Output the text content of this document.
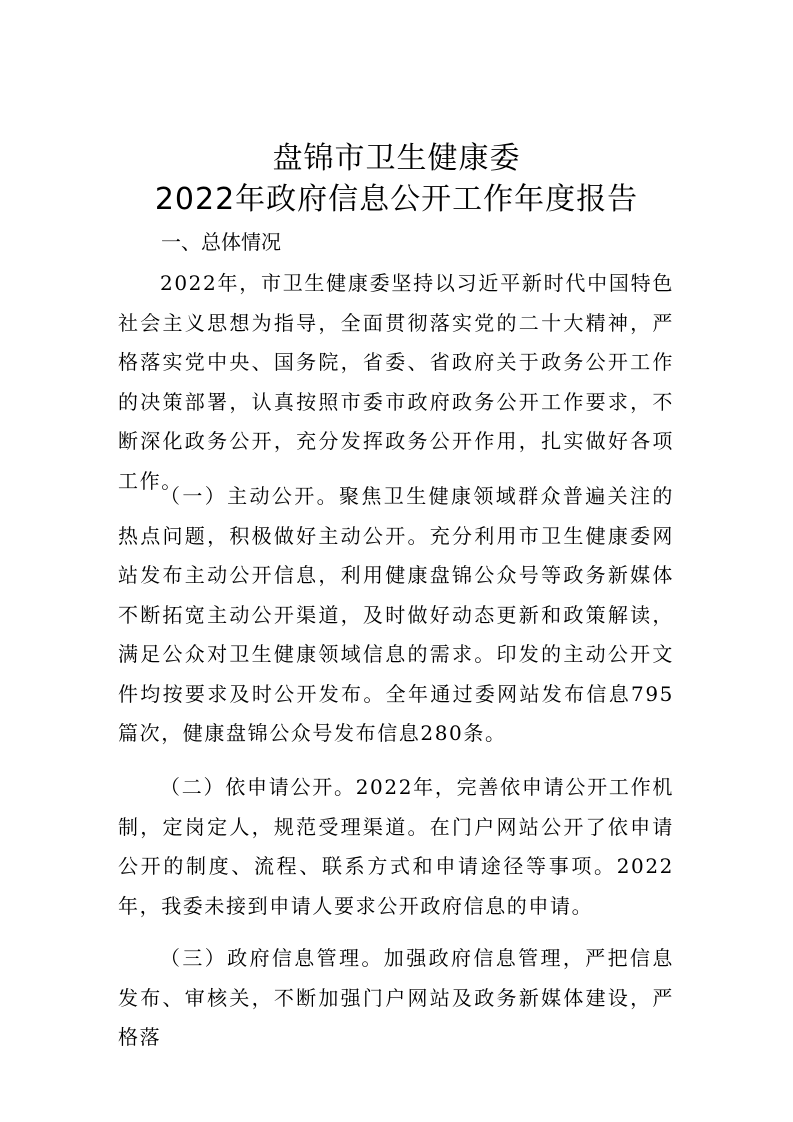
盘锦市卫生健康委
2022年政府信息公开工作年度报告
一、总体情况

2022年，市卫生健康委坚持以习近平新时代中国特色社会主义思想为指导，全面贯彻落实党的二十大精神，严格落实党中央、国务院，省委、省政府关于政务公开工作的决策部署，认真按照市委市政府政务公开工作要求，不断深化政务公开，充分发挥政务公开作用，扎实做好各项工作。

（一）主动公开。聚焦卫生健康领域群众普遍关注的热点问题，积极做好主动公开。充分利用市卫生健康委网站发布主动公开信息，利用健康盘锦公众号等政务新媒体不断拓宽主动公开渠道，及时做好动态更新和政策解读，满足公众对卫生健康领域信息的需求。印发的主动公开文件均按要求及时公开发布。全年通过委网站发布信息795篇次，健康盘锦公众号发布信息280条。

（二）依申请公开。2022年，完善依申请公开工作机制，定岗定人，规范受理渠道。在门户网站公开了依申请公开的制度、流程、联系方式和申请途径等事项。2022年，我委未接到申请人要求公开政府信息的申请。

（三）政府信息管理。加强政府信息管理，严把信息发布、审核关，不断加强门户网站及政务新媒体建设，严格落
